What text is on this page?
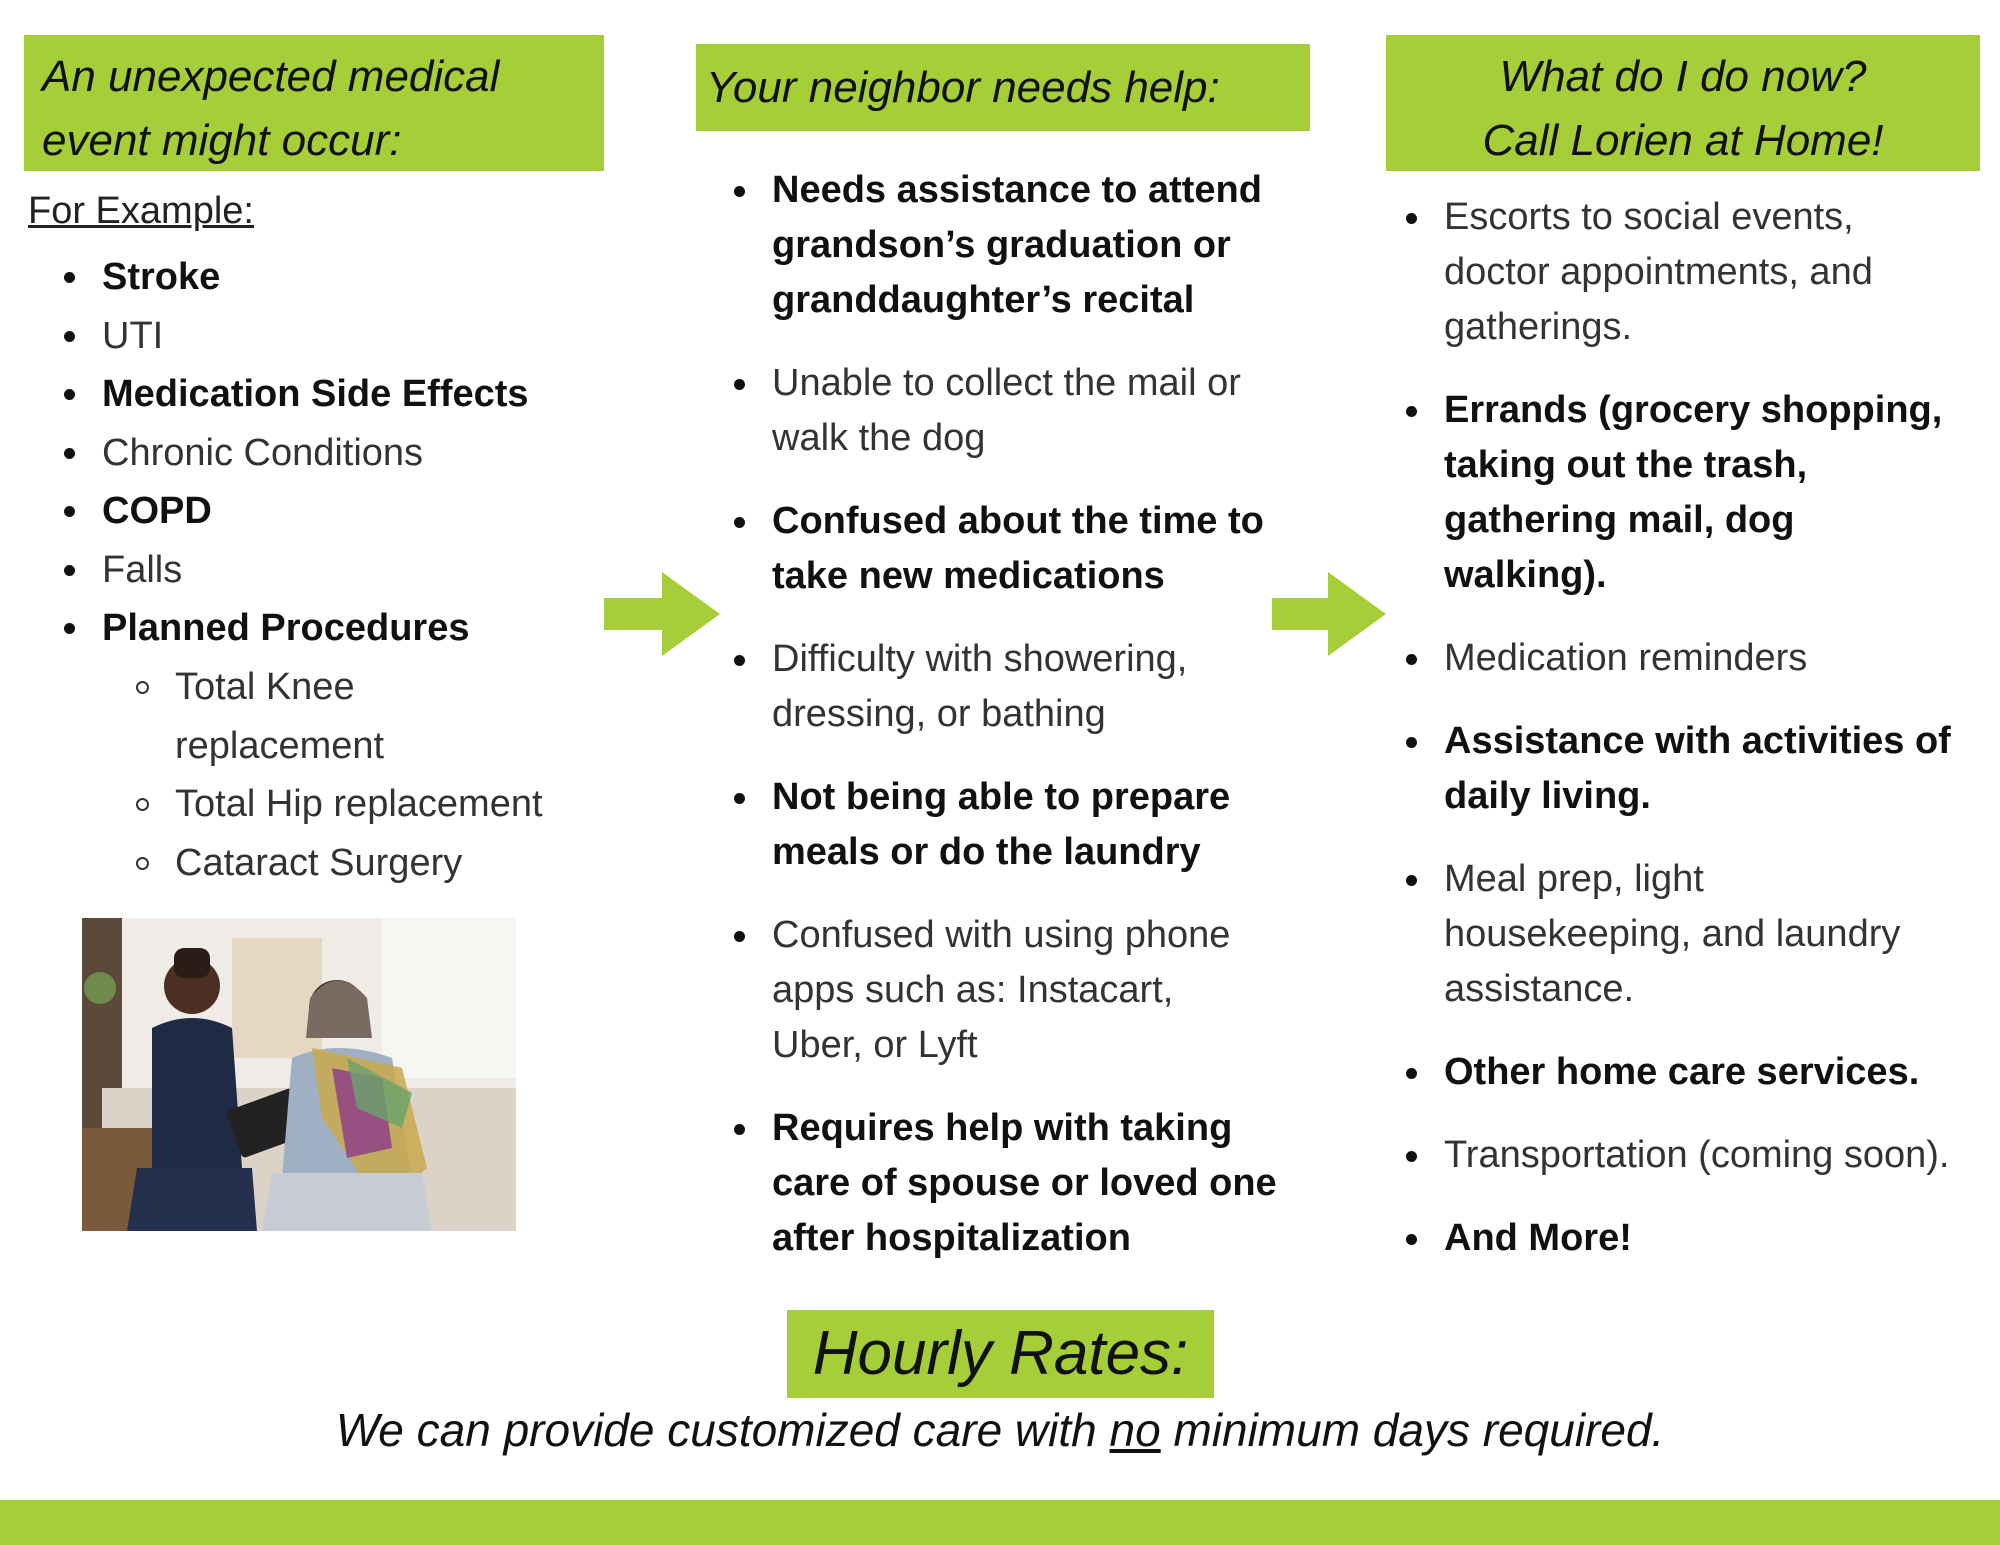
An unexpected medical
event might occur:
Your neighbor needs help:	What do I do now?
Call Lorien at Home!
For Example:
Stroke
UTI
Medication Side Effects
Chronic Conditions
COPD
Falls
Planned Procedures
Total Knee
replacement
Total Hip replacement
Cataract Surgery
Needs assistance to attend
grandson’s graduation or
granddaughter’s recital
Unable to collect the mail or
walk the dog
Confused about the time to
take new medications
Difficulty with showering,
dressing, or bathing
Not being able to prepare
meals or do the laundry
Confused with using phone
apps such as: Instacart,
Uber, or Lyft
Requires help with taking
care of spouse or loved one
after hospitalization
Escorts to social events,
doctor appointments, and
gatherings.
Errands (grocery shopping,
taking out the trash,
gathering mail, dog
walking).
Medication reminders
Assistance with activities of
daily living.
Meal prep, light
housekeeping, and laundry
assistance.
Other home care services.
Transportation (coming soon).
And More!
Hourly Rates:
We can provide customized care with no minimum days required.
